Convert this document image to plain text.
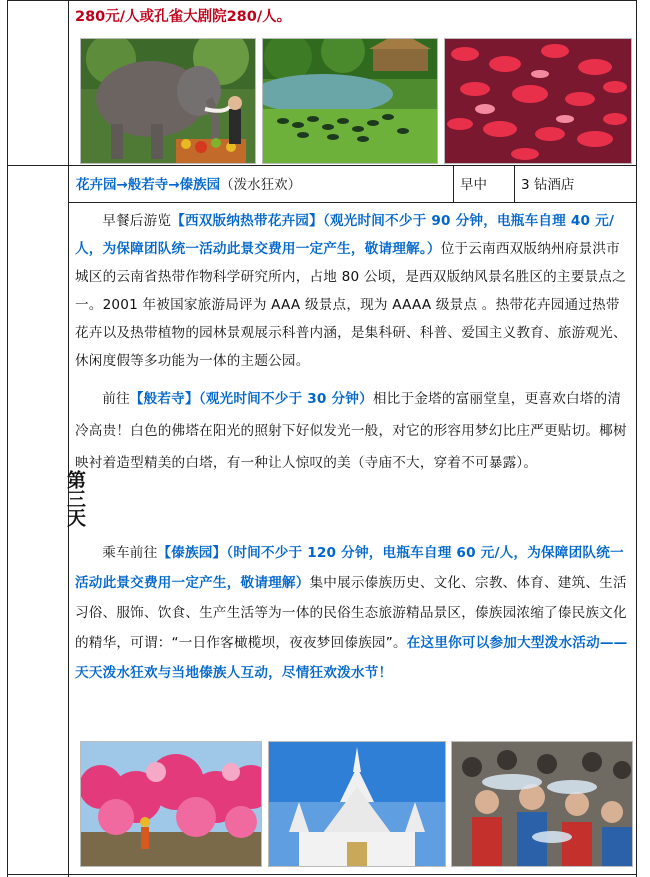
280元/人或孔雀大剧院280/人。
第三天
花卉园→般若寺→傣族园（泼水狂欢）	早中	3 钻酒店

早餐后游览【西双版纳热带花卉园】（观光时间不少于 90 分钟，电瓶车自理 40 元/人，为保障团队统一活动此景交费用一定产生，敬请理解。）位于云南西双版纳州府景洪市城区的云南省热带作物科学研究所内，占地 80 公顷，是西双版纳风景名胜区的主要景点之一。2001 年被国家旅游局评为 AAA 级景点，现为 AAAA 级景点 。热带花卉园通过热带花卉以及热带植物的园林景观展示科普内涵，是集科研、科普、爱国主义教育、旅游观光、休闲度假等多功能为一体的主题公园。

前往【般若寺】（观光时间不少于 30 分钟）相比于金塔的富丽堂皇，更喜欢白塔的清冷高贵！白色的佛塔在阳光的照射下好似发光一般，对它的形容用梦幻比庄严更贴切。椰树映衬着造型精美的白塔，有一种让人惊叹的美（寺庙不大，穿着不可暴露）。

乘车前往【傣族园】（时间不少于 120 分钟，电瓶车自理 60 元/人，为保障团队统一活动此景交费用一定产生，敬请理解）集中展示傣族历史、文化、宗教、体育、建筑、生活习俗、服饰、饮食、生产生活等为一体的民俗生态旅游精品景区，傣族园浓缩了傣民族文化的精华，可谓：“一日作客橄榄坝，夜夜梦回傣族园”。在这里你可以参加大型泼水活动——天天泼水狂欢与当地傣族人互动，尽情狂欢泼水节！
